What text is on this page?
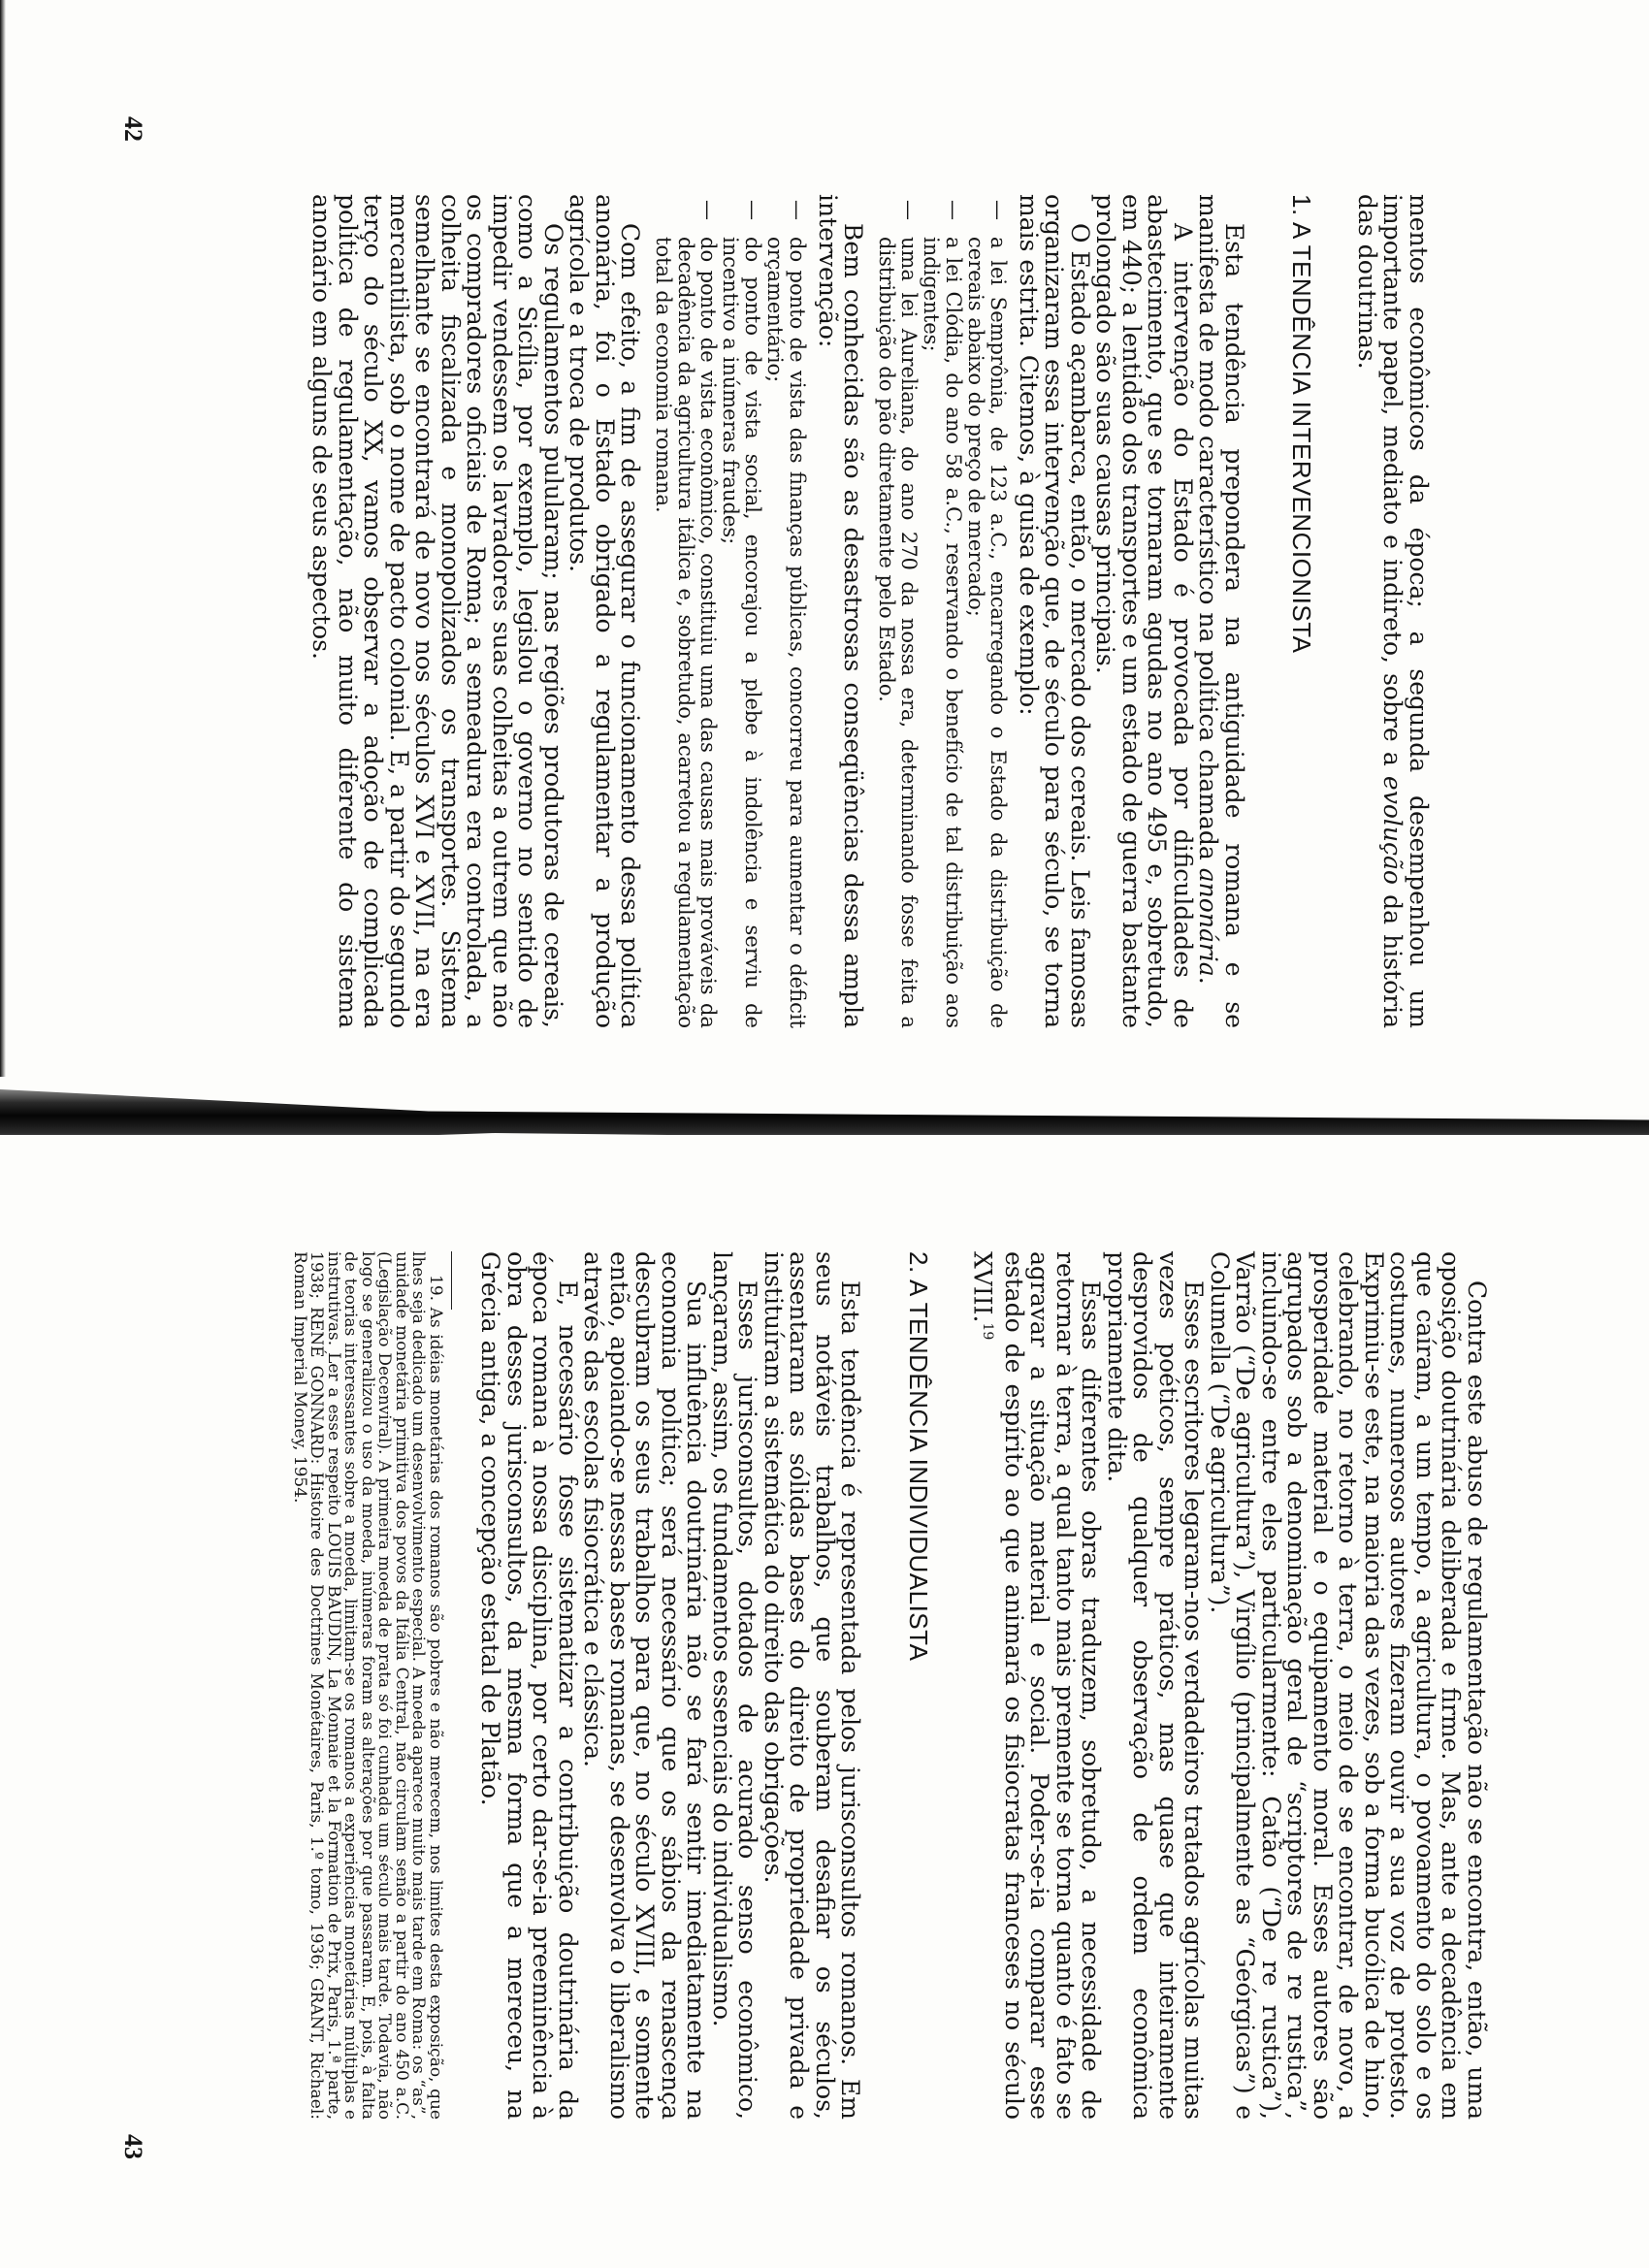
42

mentos econômicos da época; a segunda desempenhou um importante papel, mediato e indireto, sobre a evolução da história das doutrinas.

1. A TENDÊNCIA INTERVENCIONISTA

Esta tendência prepondera na antiguidade romana e se manifesta de modo característico na política chamada anonária.

A intervenção do Estado é provocada por dificuldades de abastecimento, que se tornaram agudas no ano 495 e, sobretudo, em 440; a lentidão dos transportes e um estado de guerra bastante prolongado são suas causas principais.

O Estado açambarca, então, o mercado dos cereais. Leis famosas organizaram essa intervenção que, de século para século, se torna mais estrita. Citemos, à guisa de exemplo:

— a lei Semprônia, de 123 a.C., encarregando o Estado da distribuição de cereais abaixo do preço de mercado;
— a lei Clódia, do ano 58 a.C., reservando o benefício de tal distribuição aos indigentes;
— uma lei Aureliana, do ano 270 da nossa era, determinando fosse feita a distribuição do pão diretamente pelo Estado.

Bem conhecidas são as desastrosas conseqüências dessa ampla intervenção:

— do ponto de vista das finanças públicas, concorreu para aumentar o déficit orçamentário;
— do ponto de vista social, encorajou a plebe à indolência e serviu de incentivo a inúmeras fraudes;
— do ponto de vista econômico, constituiu uma das causas mais prováveis da decadência da agricultura itálica e, sobretudo, acarretou a regulamentação total da economia romana.

Com efeito, a fim de assegurar o funcionamento dessa política anonária, foi o Estado obrigado a regulamentar a produção agrícola e a troca de produtos.

Os regulamentos pulularam; nas regiões produtoras de cereais, como a Sicília, por exemplo, legislou o governo no sentido de impedir vendessem os lavradores suas colheitas a outrem que não os compradores oficiais de Roma; a semeadura era controlada, a colheita fiscalizada e monopolizados os transportes. Sistema semelhante se encontrará de novo nos séculos XVI e XVII, na era mercantilista, sob o nome de pacto colonial. E, a partir do segundo terço do século XX, vamos observar a adoção de complicada política de regulamentação, não muito diferente do sistema anonário em alguns de seus aspectos.

43

Contra este abuso de regulamentação não se encontra, então, uma oposição doutrinária deliberada e firme. Mas, ante a decadência em que caíram, a um tempo, a agricultura, o povoamento do solo e os costumes, numerosos autores fizeram ouvir a sua voz de protesto. Exprimiu-se este, na maioria das vezes, sob a forma bucólica de hino, celebrando, no retorno à terra, o meio de se encontrar, de novo, a prosperidade material e o equipamento moral. Esses autores são agrupados sob a denominação geral de “scriptores de re rustica”, incluindo-se entre eles particularmente: Catão (“De re rustica”), Varrão (“De agricultura”), Virgílio (principalmente as “Geórgicas”) e Columella (“De agricultura”).

Esses escritores legaram-nos verdadeiros tratados agrícolas muitas vezes poéticos, sempre práticos, mas quase que inteiramente desprovidos de qualquer observação de ordem econômica propriamente dita.

Essas diferentes obras traduzem, sobretudo, a necessidade de retornar à terra, a qual tanto mais premente se torna quanto é fato se agravar a situação material e social. Poder-se-ia comparar esse estado de espírito ao que animará os fisiocratas franceses no século XVIII.$^{19}$

2. A TENDÊNCIA INDIVIDUALISTA

Esta tendência é representada pelos jurisconsultos romanos. Em seus notáveis trabalhos, que souberam desafiar os séculos, assentaram as sólidas bases do direito de propriedade privada e instituíram a sistemática do direito das obrigações.

Esses jurisconsultos, dotados de acurado senso econômico, lançaram, assim, os fundamentos essenciais do individualismo.

Sua influência doutrinária não se fará sentir imediatamente na economia política; será necessário que os sábios da renascença descubram os seus trabalhos para que, no século XVIII, e somente então, apoiando-se nessas bases romanas, se desenvolva o liberalismo através das escolas fisiocrática e clássica.

E, necessário fosse sistematizar a contribuição doutrinária da época romana à nossa disciplina, por certo dar-se-ia preeminência à obra desses jurisconsultos, da mesma forma que a mereceu, na Grécia antiga, a concepção estatal de Platão.

19. As idéias monetárias dos romanos são pobres e não merecem, nos limites desta exposição, que lhes seja dedicado um desenvolvimento especial. A moeda aparece muito mais tarde em Roma: os “as”, unidade monetária primitiva dos povos da Itália Central, não circulam senão a partir do ano 450 a.C. (Legislação Decenviral). A primeira moeda de prata só foi cunhada um século mais tarde. Todavia, não logo se generalizou o uso da moeda, inúmeras foram as alterações por que passaram. E, pois, à falta de teorias interessantes sobre a moeda, limitam-se os romanos a experiências monetárias múltiplas e instrutivas. Ler a esse respeito LOUIS BAUDIN, La Monnaie et la Formation de Prix, Paris, 1.ª parte, 1938; RENÉ GONNARD: Histoire des Doctrines Monétaires, Paris, 1.º tomo, 1936; GRANT, Richael: Roman Imperial Money, 1954.
